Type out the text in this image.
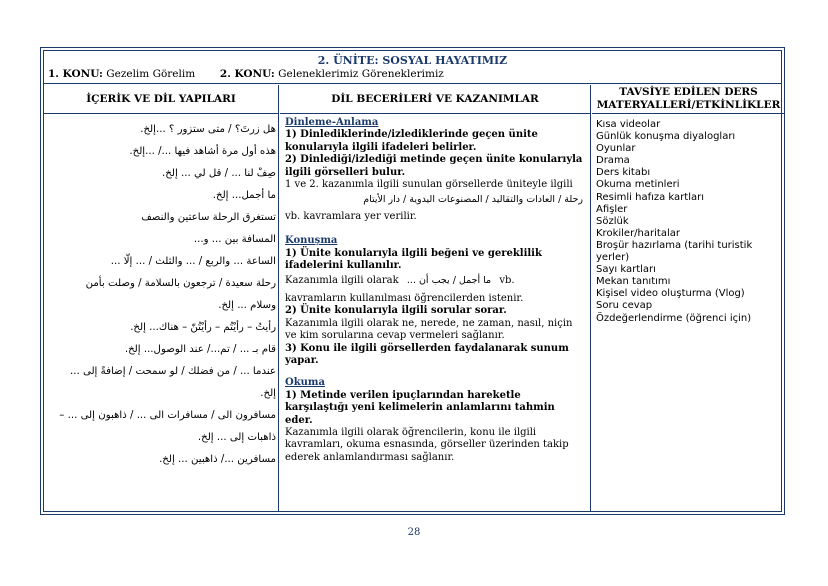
2. ÜNİTE: SOSYAL HAYATIMIZ
1. KONU: Gezelim Görelim 2. KONU: Geleneklerimiz Göreneklerimiz
İÇERİK VE DİL YAPILARI	DİL BECERİLERİ VE KAZANIMLAR
TAVSİYE EDİLEN DERS
MATERYALLERİ/ETKİNLİKLER
هل زرتَ؟ / متى ستزور ؟ ...إلخ.
هذه أول مرة أشاهد فيها .../ ...إلخ.
صِفْ لنا ... / قل لي ... إلخ.
ما أجمل... إلخ.
تستغرق الرحلة ساعتين والنصف
المسافة بين ... و...
الساعة ... والربع / ... والثلث / ... إلّا ...
رحلة سعيدة / ترجعون بالسلامة / وصلت بأمن
وسلام ... إلخ.
رأيتُ – رأيْتُم – رأيْتُنّ – هناك... إلخ.
قام بـ ... / تم.../ عند الوصول... إلخ.
عندما ... / من فضلك / لو سمحت / إضافةً إلى ...
إلخ.
مسافرون الى / مسافرات الى ... / ذاهبون إلى ... –
ذاهبات إلى ... إلخ.
مسافرين .../ ذاهبين ... إلخ.

Dinleme-Anlama

1) Dinlediklerinde/izlediklerinde geçen ünite konularıyla ilgili ifadeleri belirler.

2) Dinlediği/izlediği metinde geçen ünite konularıyla ilgili görselleri bulur.

1 ve 2. kazanımla ilgili sunulan görsellerde üniteyle ilgili

رحلة / العادات والتقاليد / المصنوعات اليدوية / دار الأيتام

vb. kavramlara yer verilir.

Konuşma

1) Ünite konularıyla ilgili beğeni ve gereklilik ifadelerini kullanılır.

Kazanımla ilgili olarak ما أجمل / يجب أن ... vb.

kavramların kullanılması öğrencilerden istenir.

2) Ünite konularıyla ilgili sorular sorar.

Kazanımla ilgili olarak ne, nerede, ne zaman, nasıl, niçin ve kim sorularına cevap vermeleri sağlanır.

3) Konu ile ilgili görsellerden faydalanarak sunum yapar.

Okuma

1) Metinde verilen ipuçlarından hareketle karşılaştığı yeni kelimelerin anlamlarını tahmin eder.

Kazanımla ilgili olarak öğrencilerin, konu ile ilgili kavramları, okuma esnasında, görseller üzerinden takip ederek anlamlandırması sağlanır.

Kısa videolar
Günlük konuşma diyalogları
Oyunlar
Drama
Ders kitabı
Okuma metinleri
Resimli hafıza kartları
Afişler
Sözlük
Krokiler/haritalar
Broşür hazırlama (tarihi turistik
yerler)
Sayı kartları
Mekan tanıtımı
Kişisel video oluşturma (Vlog)
Soru cevap
Özdeğerlendirme (öğrenci için)
28
